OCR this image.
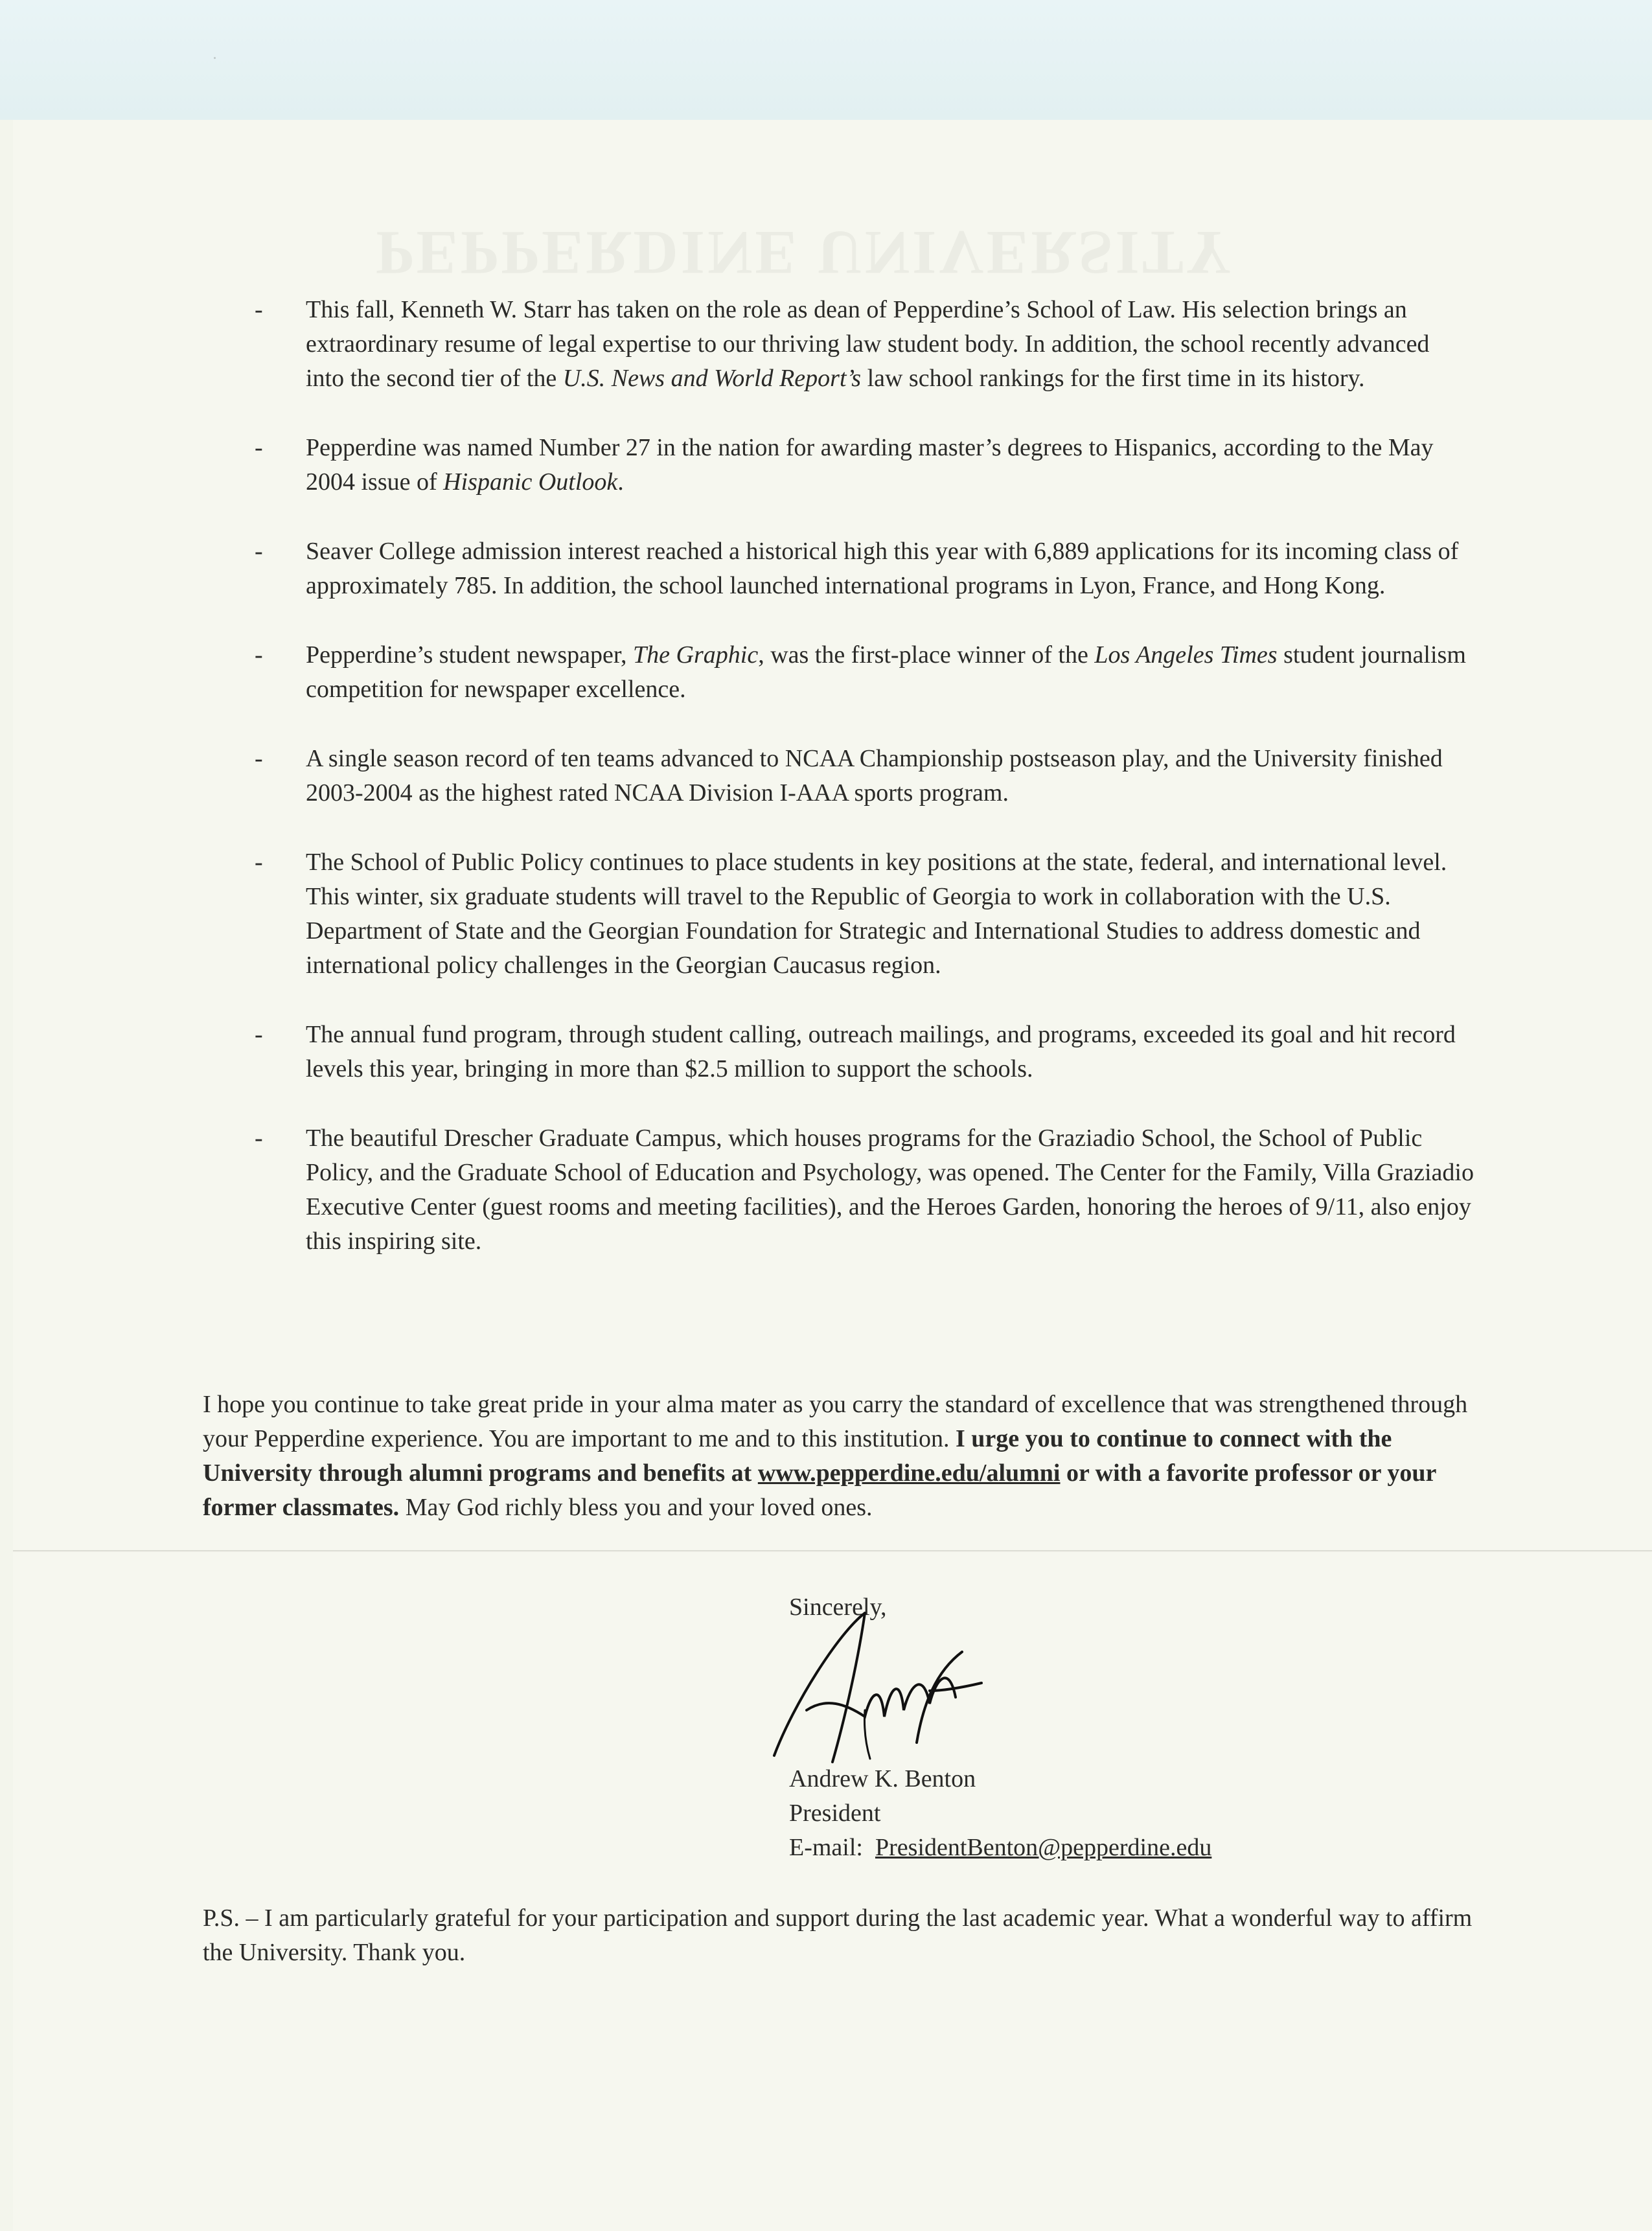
PEPPERDINE UNIVERSITY
- This fall, Kenneth W. Starr has taken on the role as dean of Pepperdine’s School of Law. His selection brings an extraordinary resume of legal expertise to our thriving law student body. In addition, the school recently advanced into the second tier of the U.S. News and World Report’s law school rankings for the first time in its history.
- Pepperdine was named Number 27 in the nation for awarding master’s degrees to Hispanics, according to the May 2004 issue of Hispanic Outlook.
- Seaver College admission interest reached a historical high this year with 6,889 applications for its incoming class of approximately 785. In addition, the school launched international programs in Lyon, France, and Hong Kong.
- Pepperdine’s student newspaper, The Graphic, was the first-place winner of the Los Angeles Times student journalism competition for newspaper excellence.
- A single season record of ten teams advanced to NCAA Championship postseason play, and the University finished 2003-2004 as the highest rated NCAA Division I-AAA sports program.
- The School of Public Policy continues to place students in key positions at the state, federal, and international level. This winter, six graduate students will travel to the Republic of Georgia to work in collaboration with the U.S. Department of State and the Georgian Foundation for Strategic and International Studies to address domestic and international policy challenges in the Georgian Caucasus region.
- The annual fund program, through student calling, outreach mailings, and programs, exceeded its goal and hit record levels this year, bringing in more than $2.5 million to support the schools.
- The beautiful Drescher Graduate Campus, which houses programs for the Graziadio School, the School of Public Policy, and the Graduate School of Education and Psychology, was opened. The Center for the Family, Villa Graziadio Executive Center (guest rooms and meeting facilities), and the Heroes Garden, honoring the heroes of 9/11, also enjoy this inspiring site.

I hope you continue to take great pride in your alma mater as you carry the standard of excellence that was strengthened through your Pepperdine experience. You are important to me and to this institution. I urge you to continue to connect with the University through alumni programs and benefits at www.pepperdine.edu/alumni or with a favorite professor or your former classmates. May God richly bless you and your loved ones.

Sincerely,
Andrew K. Benton
President
E-mail: PresidentBenton@pepperdine.edu

P.S. – I am particularly grateful for your participation and support during the last academic year. What a wonderful way to affirm the University. Thank you.
